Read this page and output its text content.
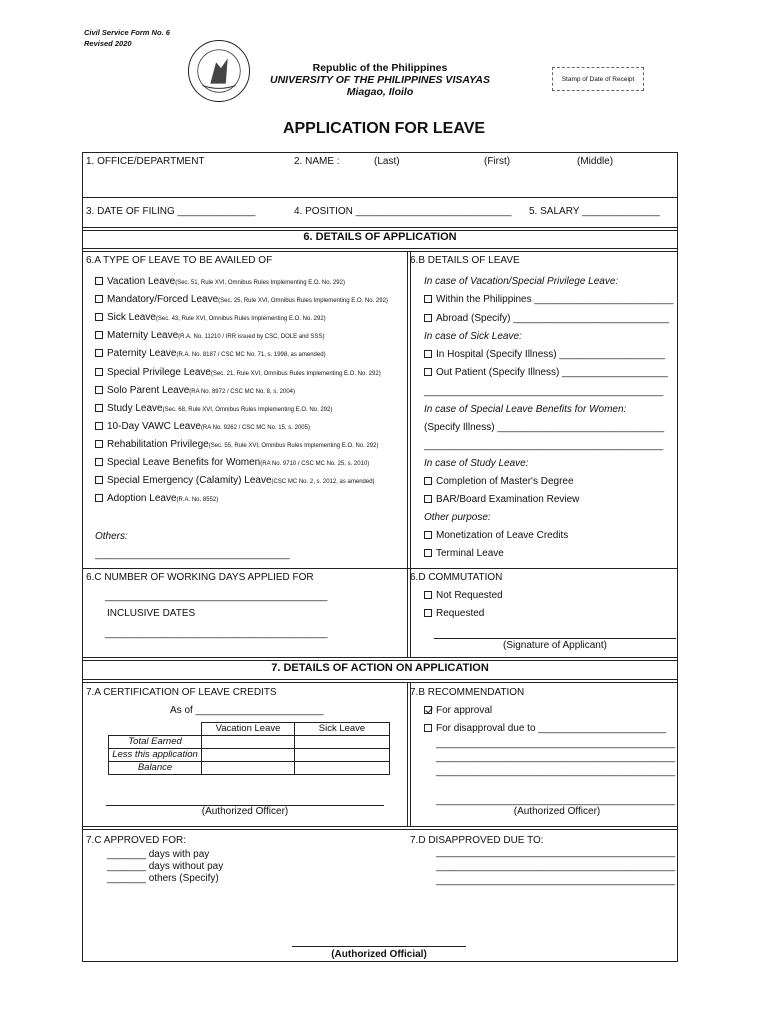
Civil Service Form No. 6
Revised 2020
Republic of the Philippines
UNIVERSITY OF THE PHILIPPINES VISAYAS
Miagao, Iloilo
Stamp of Date of Receipt
APPLICATION FOR LEAVE
1. OFFICE/DEPARTMENT	2. NAME :	(Last)	(First)	(Middle)
3. DATE OF FILING ______________	4. POSITION ____________________________ 5. SALARY ______________
6. DETAILS OF APPLICATION
6.A TYPE OF LEAVE TO BE AVAILED OF
Vacation Leave(Sec. 51, Rule XVI, Omnibus Rules Implementing E.O. No. 292)
Mandatory/Forced Leave(Sec. 25, Rule XVI, Omnibus Rules Implementing E.O. No. 292)
Sick Leave(Sec. 43, Rule XVI, Omnibus Rules Implementing E.O. No. 292)
Maternity Leave(R.A. No. 11210 / IRR issued by CSC, DOLE and SSS)
Paternity Leave(R.A. No. 8187 / CSC MC No. 71, s. 1998, as amended)
Special Privilege Leave(Sec. 21, Rule XVI, Omnibus Rules Implementing E.O. No. 292)
Solo Parent Leave(RA No. 8972 / CSC MC No. 8, s. 2004)
Study Leave(Sec. 68, Rule XVI, Omnibus Rules Implementing E.O. No. 292)
10-Day VAWC Leave(RA No. 9262 / CSC MC No. 15, s. 2005)
Rehabilitation Privilege(Sec. 55, Rule XVI, Omnibus Rules Implementing E.O. No. 292)
Special Leave Benefits for Women(RA No. 9710 / CSC MC No. 25, s. 2010)
Special Emergency (Calamity) Leave(CSC MC No. 2, s. 2012, as amended)
Adoption Leave(R.A. No. 8552)
Others:
___________________________________
6.B DETAILS OF LEAVE
In case of Vacation/Special Privilege Leave:
Within the Philippines _________________________
Abroad (Specify) ____________________________
In case of Sick Leave:
In Hospital (Specify Illness) ___________________
Out Patient (Specify Illness) ___________________
___________________________________________
In case of Special Leave Benefits for Women:
(Specify Illness) ______________________________
___________________________________________
In case of Study Leave:
Completion of Master's Degree
BAR/Board Examination Review
Other purpose:
Monetization of Leave Credits
Terminal Leave
6.C NUMBER OF WORKING DAYS APPLIED FOR
________________________________________
INCLUSIVE DATES
________________________________________
6.D COMMUTATION
Not Requested
Requested
(Signature of Applicant)
7. DETAILS OF ACTION ON APPLICATION
7.A CERTIFICATION OF LEAVE CREDITS
As of _______________________
	Vacation Leave	Sick Leave
Total Earned		
Less this application		
Balance		
(Authorized Officer)
7.B RECOMMENDATION
For approval
For disapproval due to _______________________
___________________________________________
___________________________________________
___________________________________________
___________________________________________
(Authorized Officer)
7.C APPROVED FOR:
_______ days with pay
_______ days without pay
_______ others (Specify)
7.D DISAPPROVED DUE TO:
___________________________________________
___________________________________________
___________________________________________
(Authorized Official)
